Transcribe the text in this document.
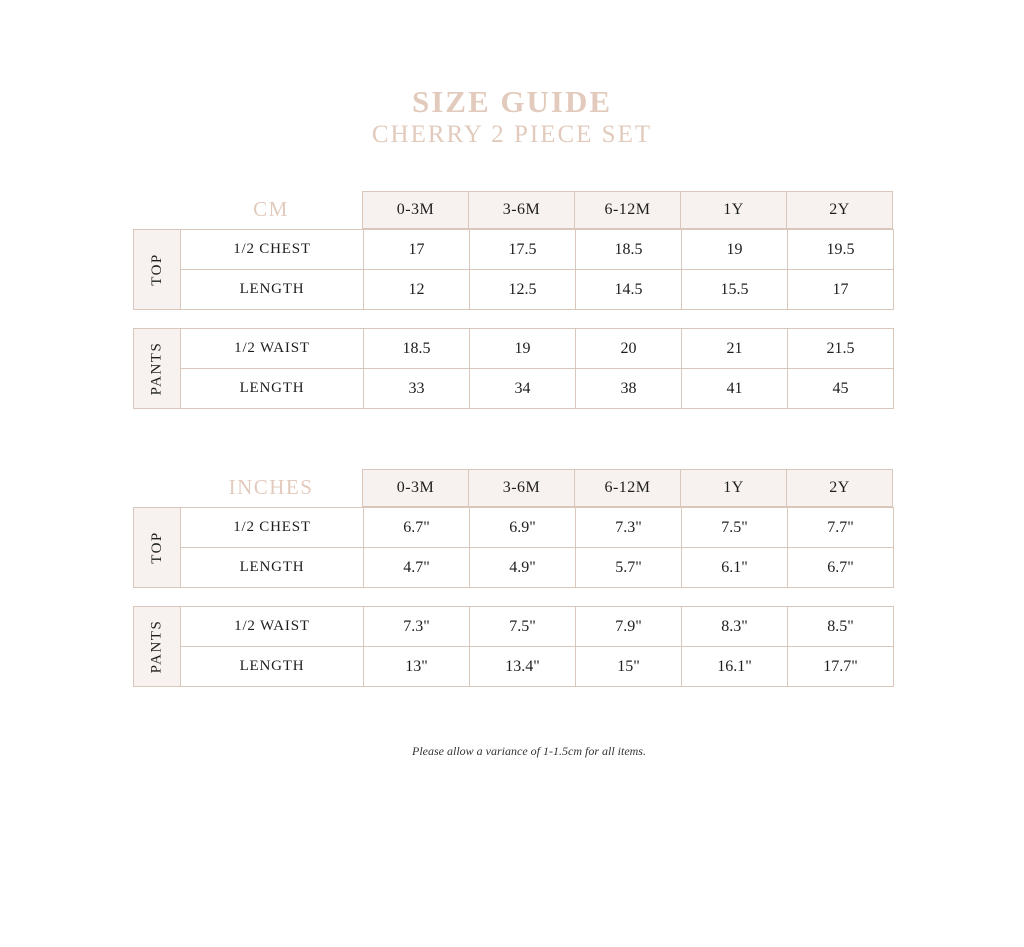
SIZE GUIDE
CHERRY 2 PIECE SET
CM	0-3M	3-6M	6-12M	1Y	2Y
TOP
1/2 CHEST	17	17.5	18.5	19	19.5
LENGTH	12	12.5	14.5	15.5	17
PANTS	1/2 WAIST	18.5	19	20	21	21.5
LENGTH	33	34	38	41	45
INCHES	0-3M	3-6M	6-12M	1Y	2Y
TOP
1/2 CHEST	6.7"	6.9"	7.3"	7.5"	7.7"
LENGTH	4.7"	4.9"	5.7"	6.1"	6.7"
PANTS	1/2 WAIST	7.3"	7.5"	7.9"	8.3"	8.5"
LENGTH	13"	13.4"	15"	16.1"	17.7"
Please allow a variance of 1-1.5cm for all items.
